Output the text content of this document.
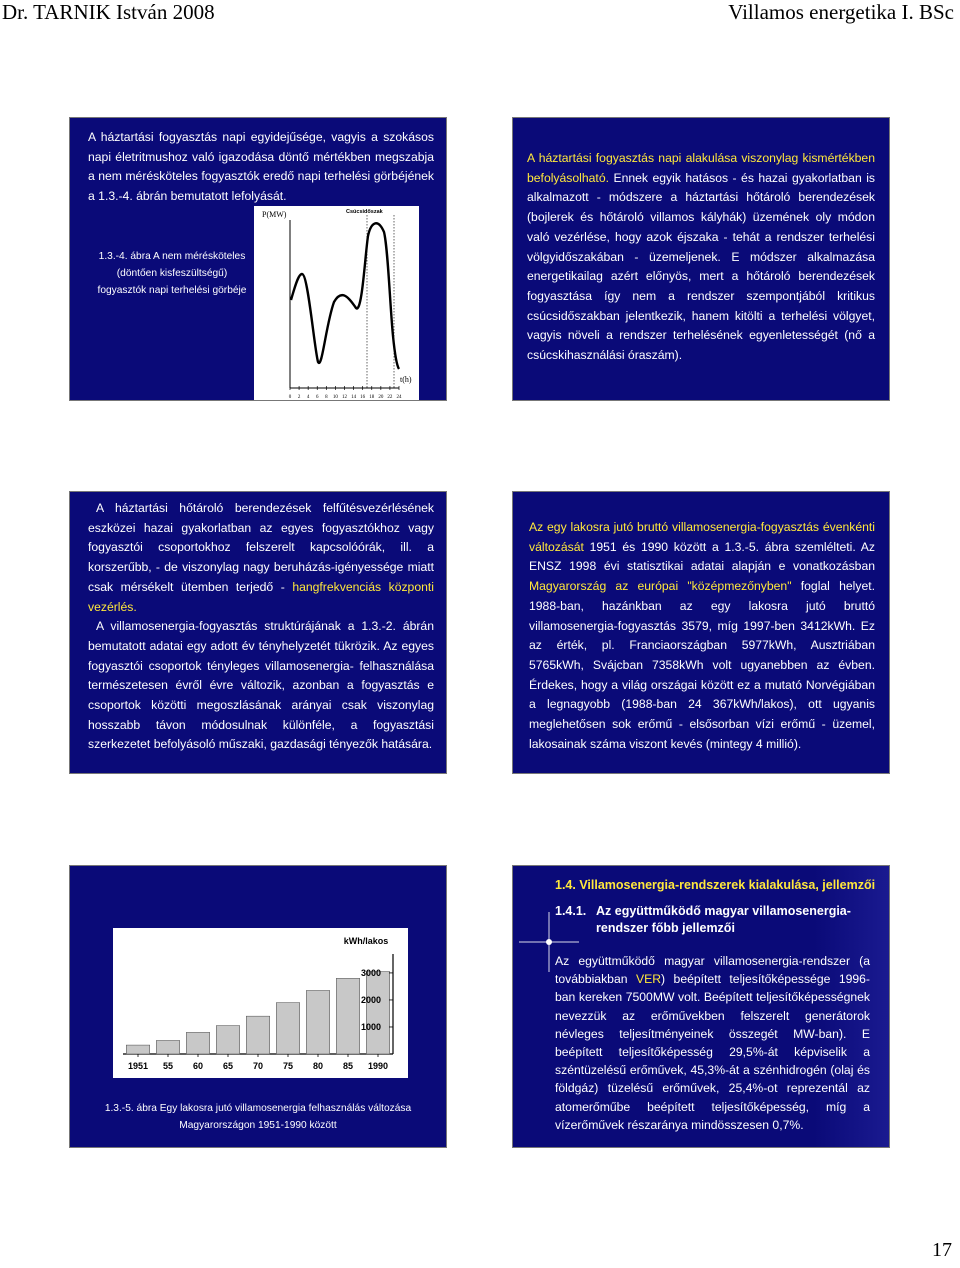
Dr. TARNIK István 2008	Villamos energetika I. BSc
A háztartási fogyasztás napi egyidejűsége, vagyis a szokásos napi életritmushoz való igazodása döntő mértékben megszabja a nem mérésköteles fogyasztók eredő napi terhelési görbéjének a 1.3.-4. ábrán bemutatott lefolyását.
1.3.-4. ábra A nem mérésköteles
(döntően kisfeszültségű)
fogyasztók napi terhelési görbéje
P(MW)	Csúcsidőszak
t(h)
0 2 4 6 8 10 12 14 16 18 20 22 24
A háztartási fogyasztás napi alakulása viszonylag kismértékben befolyásolható. Ennek egyik hatásos - és hazai gyakorlatban is alkalmazott - módszere a háztartási hőtároló berendezések (bojlerek és hőtároló villamos kályhák) üzemének oly módon való vezérlése, hogy azok éjszaka - tehát a rendszer terhelési völgyidőszakában - üzemeljenek. E módszer alkalmazása energetikailag azért előnyös, mert a hőtároló berendezések fogyasztása így nem a rendszer szempontjából kritikus csúcsidőszakban jelentkezik, hanem kitölti a terhelési völgyet, vagyis növeli a rendszer terhelésének egyenletességét (nő a csúcskihasználási óraszám).
A háztartási hőtároló berendezések felfűtésvezérlésének eszközei hazai gyakorlatban az egyes fogyasztókhoz vagy fogyasztói csoportokhoz felszerelt kapcsolóórák, ill. a korszerűbb, - de viszonylag nagy beruházás-igényessége miatt csak mérsékelt ütemben terjedő - hangfrekvenciás központi vezérlés.
A villamosenergia-fogyasztás struktúrájának a 1.3.-2. ábrán bemutatott adatai egy adott év tényhelyzetét tükrözik. Az egyes fogyasztói csoportok tényleges villamosenergia- felhasználása természetesen évről évre változik, azonban a fogyasztás e csoportok közötti megoszlásának arányai csak viszonylag hosszabb távon módosulnak különféle, a fogyasztási szerkezetet befolyásoló műszaki, gazdasági tényezők hatására.
Az egy lakosra jutó bruttó villamosenergia-fogyasztás évenkénti változását 1951 és 1990 között a 1.3.-5. ábra szemlélteti. Az ENSZ 1998 évi statisztikai adatai alapján e vonatkozásban Magyarország az európai "középmezőnyben" foglal helyet. 1988-ban, hazánkban az egy lakosra jutó bruttó villamosenergia-fogyasztás 3579, míg 1997-ben 3412kWh. Ez az érték, pl. Franciaországban 5977kWh, Ausztriában 5765kWh, Svájcban 7358kWh volt ugyanebben az évben. Érdekes, hogy a világ országai között ez a mutató Norvégiában a legnagyobb (1988-ban 24 367kWh/lakos), ott ugyanis meglehetősen sok erőmű - elsősorban vízi erőmű - üzemel, lakosainak száma viszont kevés (mintegy 4 millió).
kWh/lakos
1951 55 60 65 70 75 80 85 1990
1000
2000
3000
1.3.-5. ábra Egy lakosra jutó villamosenergia felhasználás változása
Magyarországon 1951-1990 között
1.4. Villamosenergia-rendszerek kialakulása, jellemzői
1.4.1. Az együttműködő magyar villamosenergia-
rendszer főbb jellemzői
Az együttműködő magyar villamosenergia-rendszer (a továbbiakban VER) beépített teljesítőképessége 1996-ban kereken 7500MW volt. Beépített teljesítőképességnek nevezzük az erőművekben felszerelt generátorok névleges teljesítményeinek összegét MW-ban). E beépített teljesítőképesség 29,5%-át képviselik a széntüzelésű erőművek, 45,3%-át a szénhidrogén (olaj és földgáz) tüzelésű erőművek, 25,4%-ot reprezentál az atomerőműbe beépített teljesítőképesség, míg a vízerőművek részaránya mindösszesen 0,7%.
17
